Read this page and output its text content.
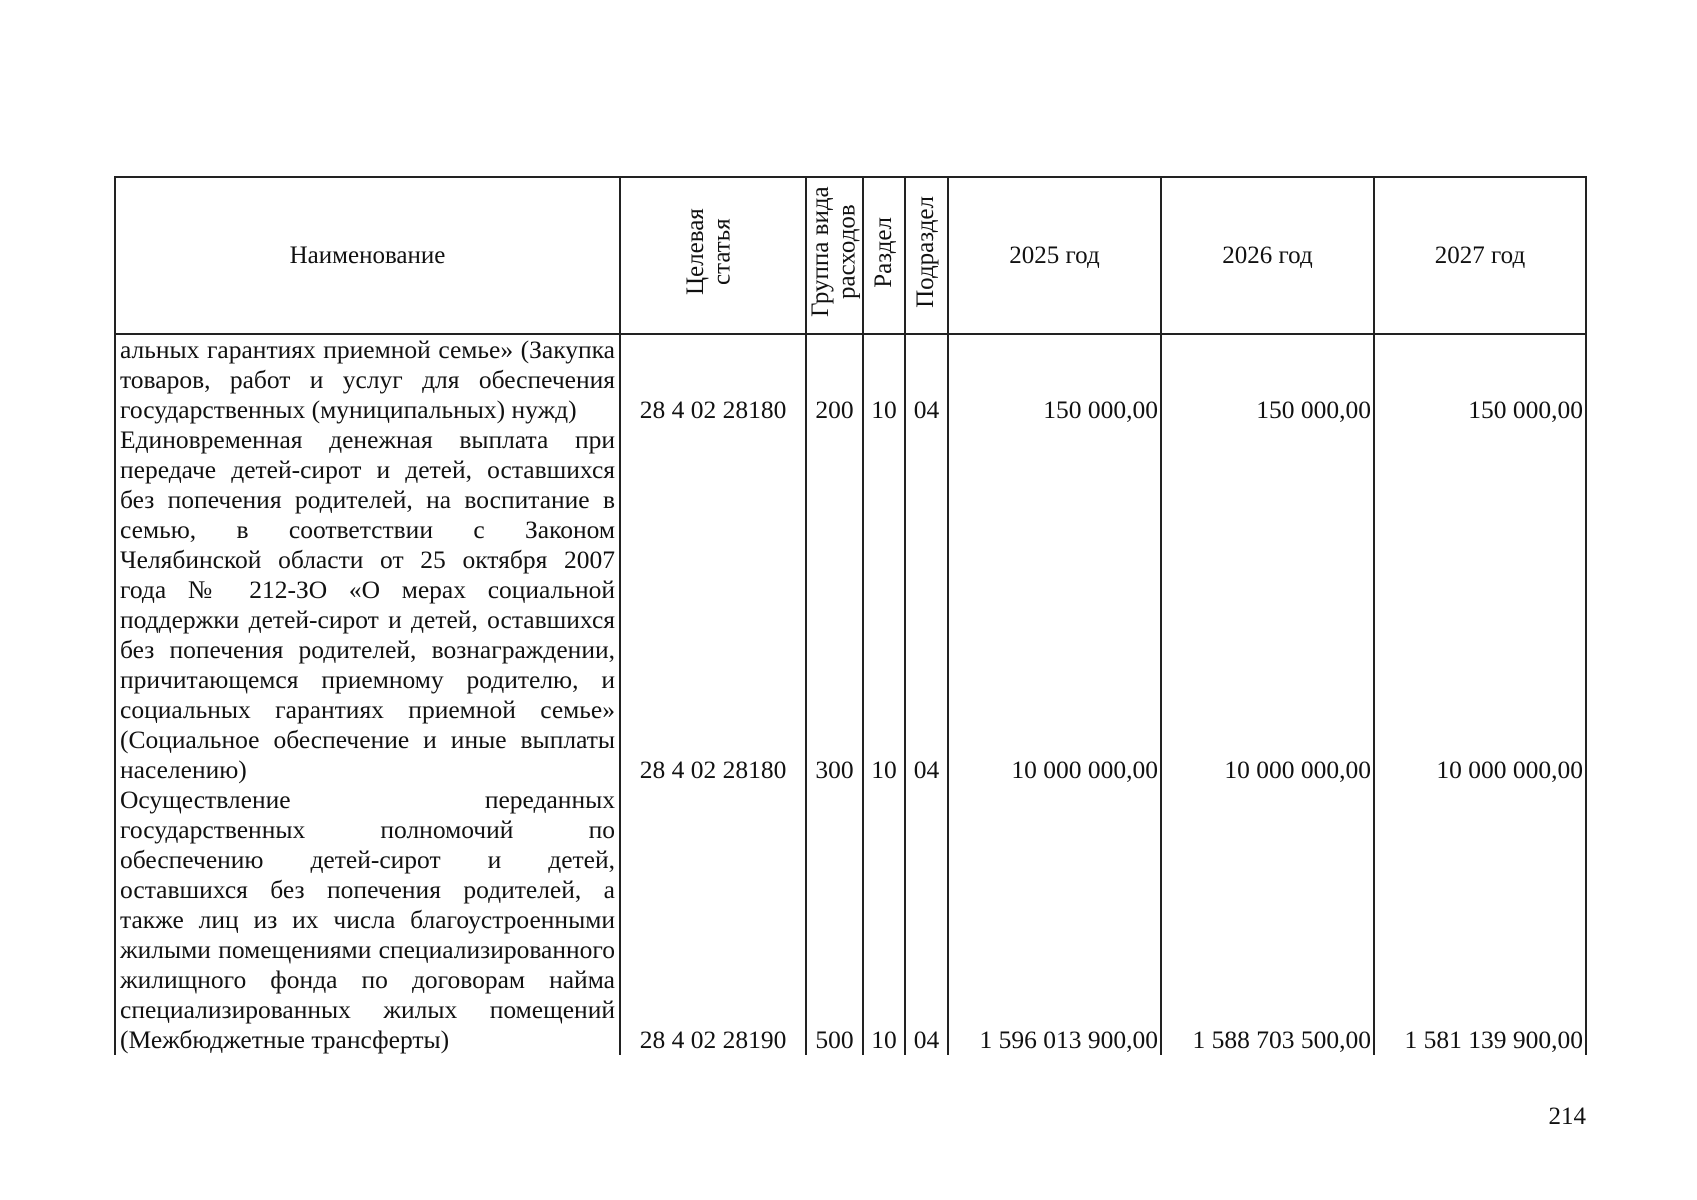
Наименование	Целевая статья	Группа вида расходов	Раздел	Подраздел	2025 год	2026 год	2027 год
альных гарантиях приемной семье» (Закупка товаров, работ и услуг для обеспечения государственных (муниципальных) нужд)	28 4 02 28180	200	10	04	150 000,00	150 000,00	150 000,00
Единовременная денежная выплата при передаче детей-сирот и детей, оставшихся без попечения родителей, на воспитание в семью, в соответствии с Законом Челябинской области от 25 октября 2007 года № 212-ЗО «О мерах социальной поддержки детей-сирот и детей, оставшихся без попечения родителей, вознаграждении, причитающемся приемному родителю, и социальных гарантиях приемной семье» (Социальное обеспечение и иные выплаты населению)	28 4 02 28180	300	10	04	10 000 000,00	10 000 000,00	10 000 000,00
Осуществление переданных государственных полномочий по обеспечению детей-сирот и детей, оставшихся без попечения родителей, а также лиц из их числа благоустроенными жилыми помещениями специализированного жилищного фонда по договорам найма специализированных жилых помещений (Межбюджетные трансферты)	28 4 02 28190	500	10	04	1 596 013 900,00	1 588 703 500,00	1 581 139 900,00
214
